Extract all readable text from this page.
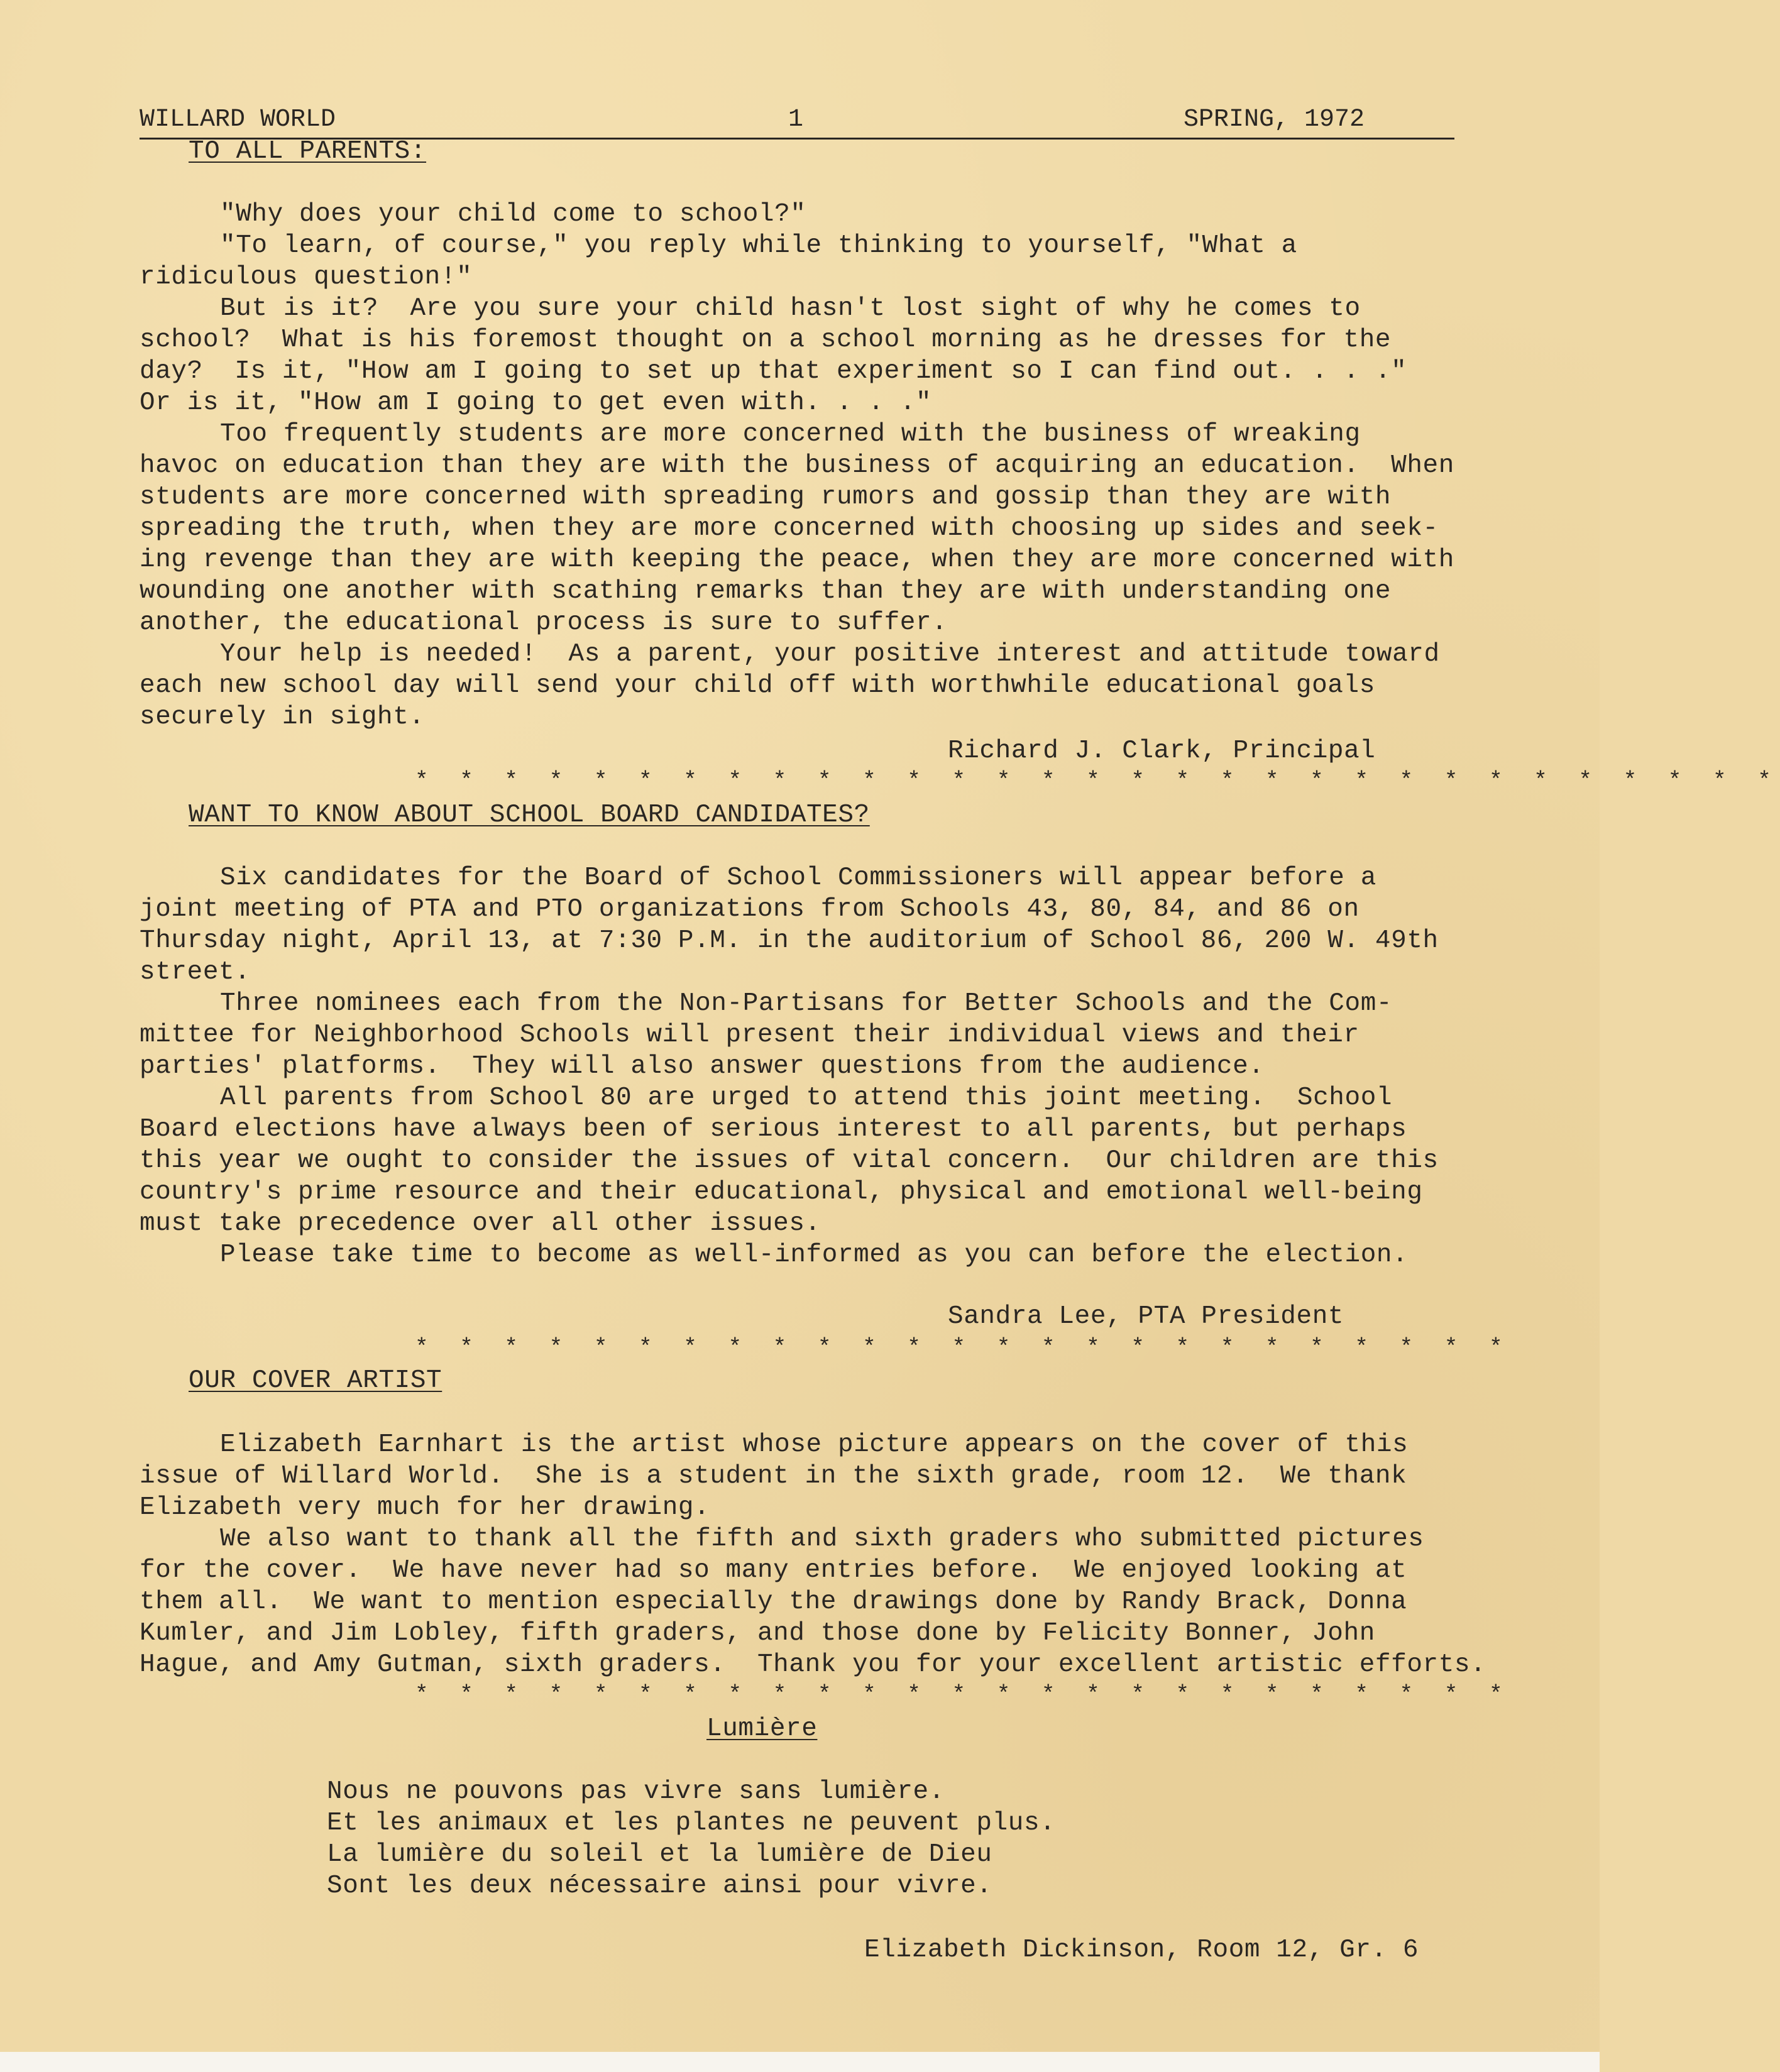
WILLARD WORLD	1	SPRING, 1972
TO ALL PARENTS:
"Why does your child come to school?"
"To learn, of course," you reply while thinking to yourself, "What a
ridiculous question!"
But is it?  Are you sure your child hasn't lost sight of why he comes to
school?  What is his foremost thought on a school morning as he dresses for the
day?  Is it, "How am I going to set up that experiment so I can find out. . . ."
Or is it, "How am I going to get even with. . . ."
Too frequently students are more concerned with the business of wreaking
havoc on education than they are with the business of acquiring an education.  When
students are more concerned with spreading rumors and gossip than they are with
spreading the truth, when they are more concerned with choosing up sides and seek-
ing revenge than they are with keeping the peace, when they are more concerned with
wounding one another with scathing remarks than they are with understanding one
another, the educational process is sure to suffer.
Your help is needed!  As a parent, your positive interest and attitude toward
each new school day will send your child off with worthwhile educational goals
securely in sight.
Richard J. Clark, Principal
* * * * * * * * * * * * * * * * * * * * * * * * * * * * * * *
WANT TO KNOW ABOUT SCHOOL BOARD CANDIDATES?
Six candidates for the Board of School Commissioners will appear before a
joint meeting of PTA and PTO organizations from Schools 43, 80, 84, and 86 on
Thursday night, April 13, at 7:30 P.M. in the auditorium of School 86, 200 W. 49th
street.
Three nominees each from the Non-Partisans for Better Schools and the Com-
mittee for Neighborhood Schools will present their individual views and their
parties' platforms.  They will also answer questions from the audience.
All parents from School 80 are urged to attend this joint meeting.  School
Board elections have always been of serious interest to all parents, but perhaps
this year we ought to consider the issues of vital concern.  Our children are this
country's prime resource and their educational, physical and emotional well-being
must take precedence over all other issues.
Please take time to become as well-informed as you can before the election.
Sandra Lee, PTA President
* * * * * * * * * * * * * * * * * * * * * * * * *
OUR COVER ARTIST
Elizabeth Earnhart is the artist whose picture appears on the cover of this
issue of Willard World.  She is a student in the sixth grade, room 12.  We thank
Elizabeth very much for her drawing.
We also want to thank all the fifth and sixth graders who submitted pictures
for the cover.  We have never had so many entries before.  We enjoyed looking at
them all.  We want to mention especially the drawings done by Randy Brack, Donna
Kumler, and Jim Lobley, fifth graders, and those done by Felicity Bonner, John
Hague, and Amy Gutman, sixth graders.  Thank you for your excellent artistic efforts.
* * * * * * * * * * * * * * * * * * * * * * * * *
Lumière
Nous ne pouvons pas vivre sans lumière.
Et les animaux et les plantes ne peuvent plus.
La lumière du soleil et la lumière de Dieu
Sont les deux nécessaire ainsi pour vivre.
Elizabeth Dickinson, Room 12, Gr. 6
